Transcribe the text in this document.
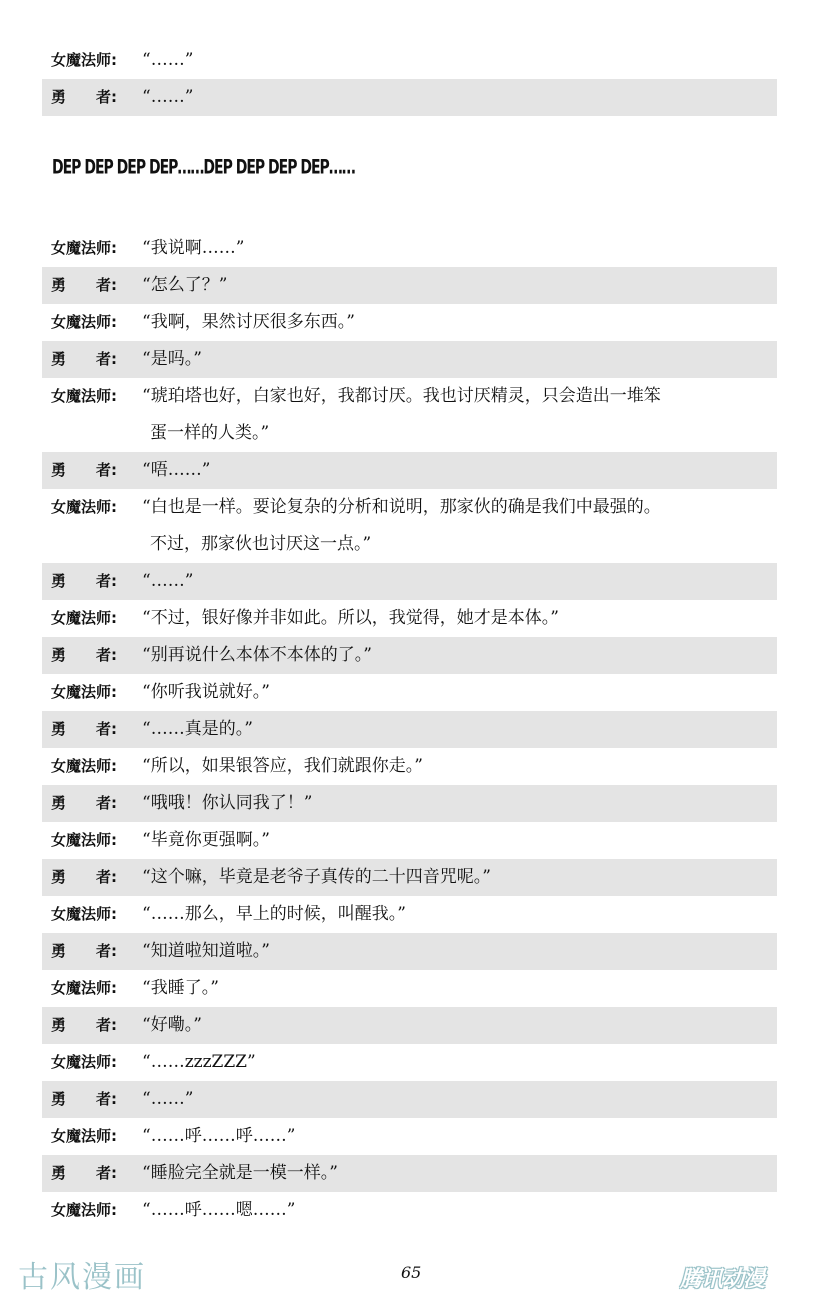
女魔法师:	“……”
勇　　者:	“……”
DEP DEP DEP DEP……DEP DEP DEP DEP……
女魔法师:	“我说啊……”
勇　　者:	“怎么了？”
女魔法师:	“我啊，果然讨厌很多东西。”
勇　　者:	“是吗。”
女魔法师:	“琥珀塔也好，白家也好，我都讨厌。我也讨厌精灵，只会造出一堆笨
蛋一样的人类。”
勇　　者:	“唔……”
女魔法师:	“白也是一样。要论复杂的分析和说明，那家伙的确是我们中最强的。
不过，那家伙也讨厌这一点。”
勇　　者:	“……”
女魔法师:	“不过，银好像并非如此。所以，我觉得，她才是本体。”
勇　　者:	“别再说什么本体不本体的了。”
女魔法师:	“你听我说就好。”
勇　　者:	“……真是的。”
女魔法师:	“所以，如果银答应，我们就跟你走。”
勇　　者:	“哦哦！你认同我了！”
女魔法师:	“毕竟你更强啊。”
勇　　者:	“这个嘛，毕竟是老爷子真传的二十四音咒呢。”
女魔法师:	“……那么，早上的时候，叫醒我。”
勇　　者:	“知道啦知道啦。”
女魔法师:	“我睡了。”
勇　　者:	“好嘞。”
女魔法师:	“……zzzZZZ”
勇　　者:	“……”
女魔法师:	“……呼……呼……”
勇　　者:	“睡脸完全就是一模一样。”
女魔法师:	“……呼……嗯……”
古风漫画	65	腾讯动漫
